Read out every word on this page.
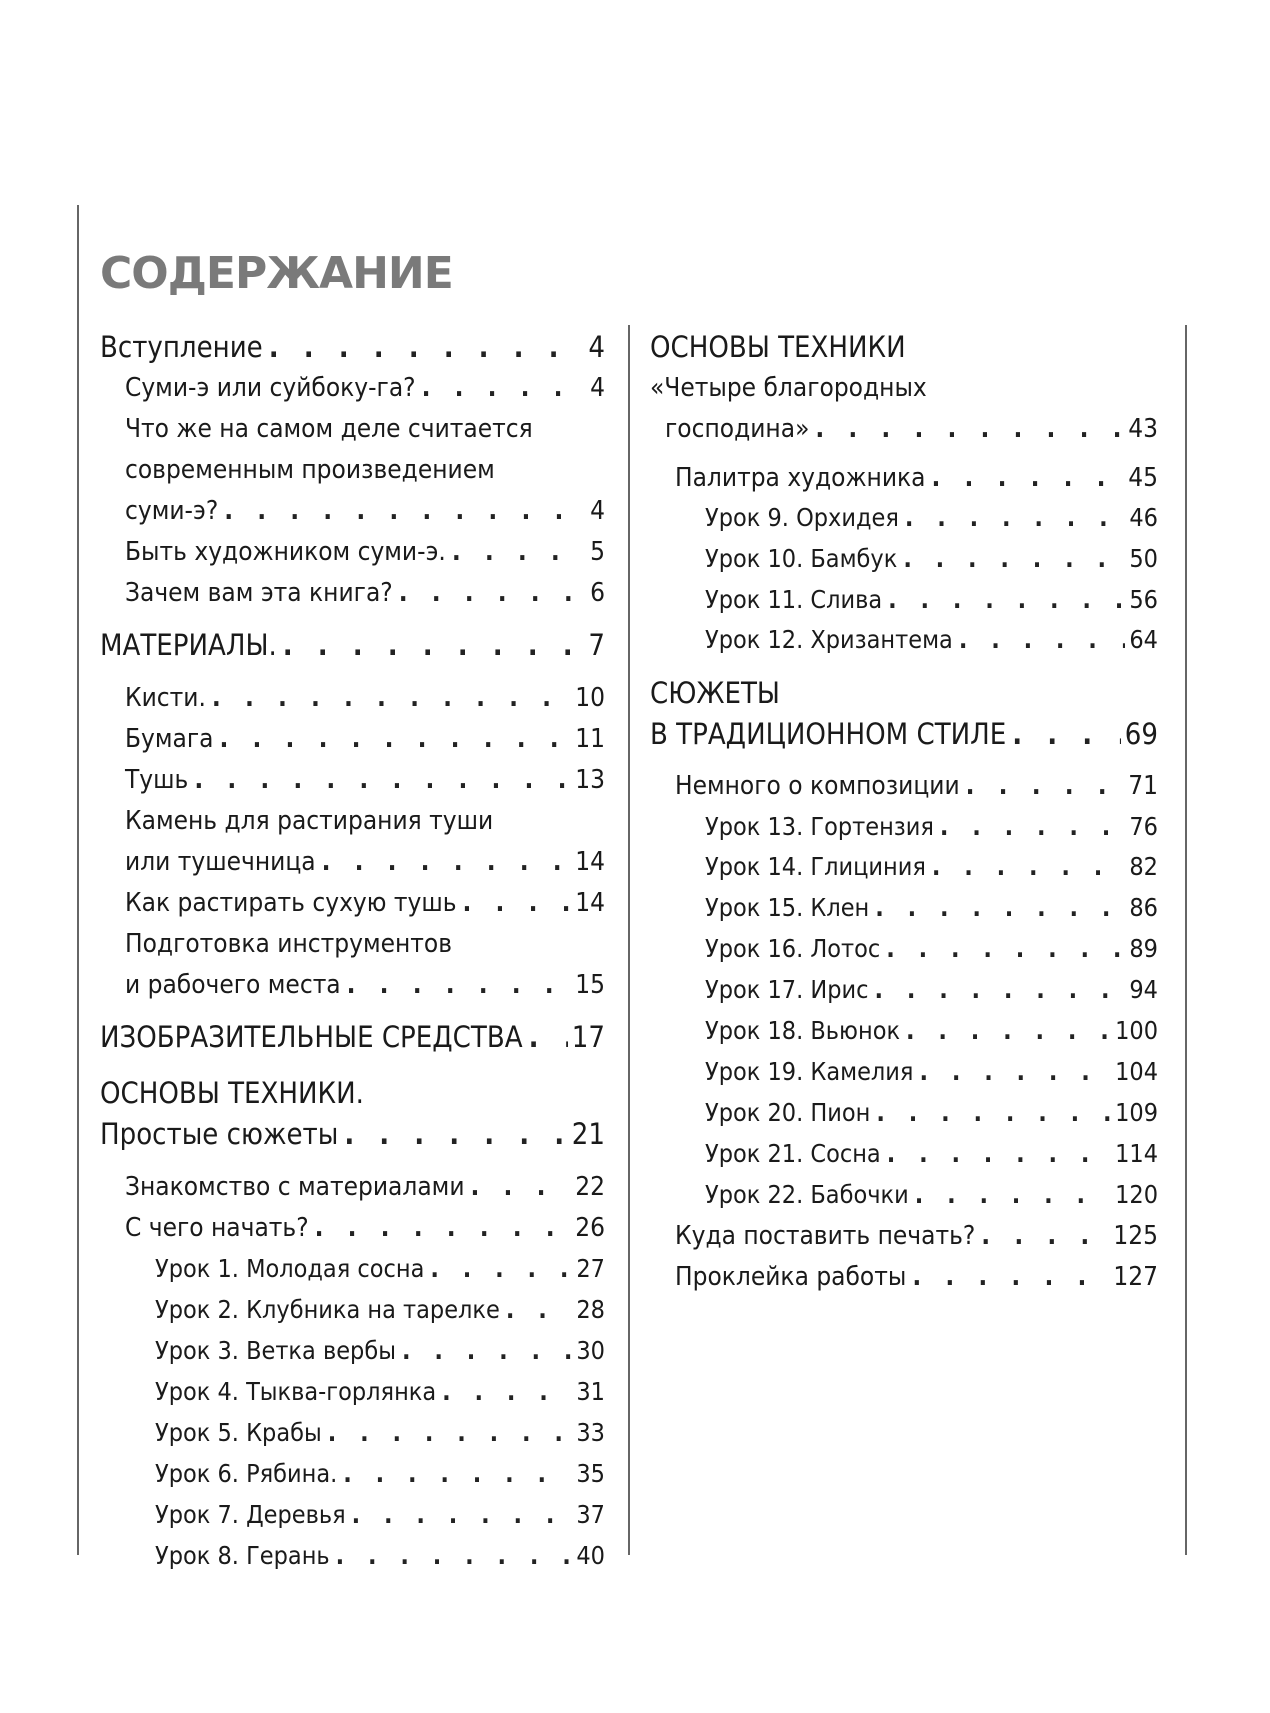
СОДЕРЖАНИЕ
Вступление . . .	4
Суми-э или суйбоку-га? . . .	4
Что же на самом деле считается
современным произведением
суми-э? . . .	4
Быть художником суми-э. . . .	5
Зачем вам эта книга? . . .	6
МАТЕРИАЛЫ. . . .	7
Кисти. . . .	10
Бумага . . .	11
Тушь . . .	13
Камень для растирания туши
или тушечница . . .	14
Как растирать сухую тушь . . .	14
Подготовка инструментов
и рабочего места . . .	15
ИЗОБРАЗИТЕЛЬНЫЕ СРЕДСТВА . . . 17
ОСНОВЫ ТЕХНИКИ.
Простые сюжеты . . .	21
Знакомство с материалами . . .	22
С чего начать? . . .	26
Урок 1. Молодая сосна . . .	27
Урок 2. Клубника на тарелке . . .	28
Урок 3. Ветка вербы . . .	30
Урок 4. Тыква-горлянка . . .	31
Урок 5. Крабы . . .	33
Урок 6. Рябина. . . .	35
Урок 7. Деревья . . .	37
Урок 8. Герань . . .	40
ОСНОВЫ ТЕХНИКИ
«Четыре благородных
господина» . . .	43
Палитра художника . . .	45
Урок 9. Орхидея . . .	46
Урок 10. Бамбук . . .	50
Урок 11. Слива . . .	56
Урок 12. Хризантема . . .	64
СЮЖЕТЫ
В ТРАДИЦИОННОМ СТИЛЕ . . .	69
Немного о композиции . . .	71
Урок 13. Гортензия . . .	76
Урок 14. Глициния . . .	82
Урок 15. Клен . . .	86
Урок 16. Лотос . . .	89
Урок 17. Ирис . . .	94
Урок 18. Вьюнок . . .	100
Урок 19. Камелия . . .	104
Урок 20. Пион . . .	109
Урок 21. Сосна . . .	114
Урок 22. Бабочки . . .	120
Куда поставить печать? . . .	125
Проклейка работы . . .	127
